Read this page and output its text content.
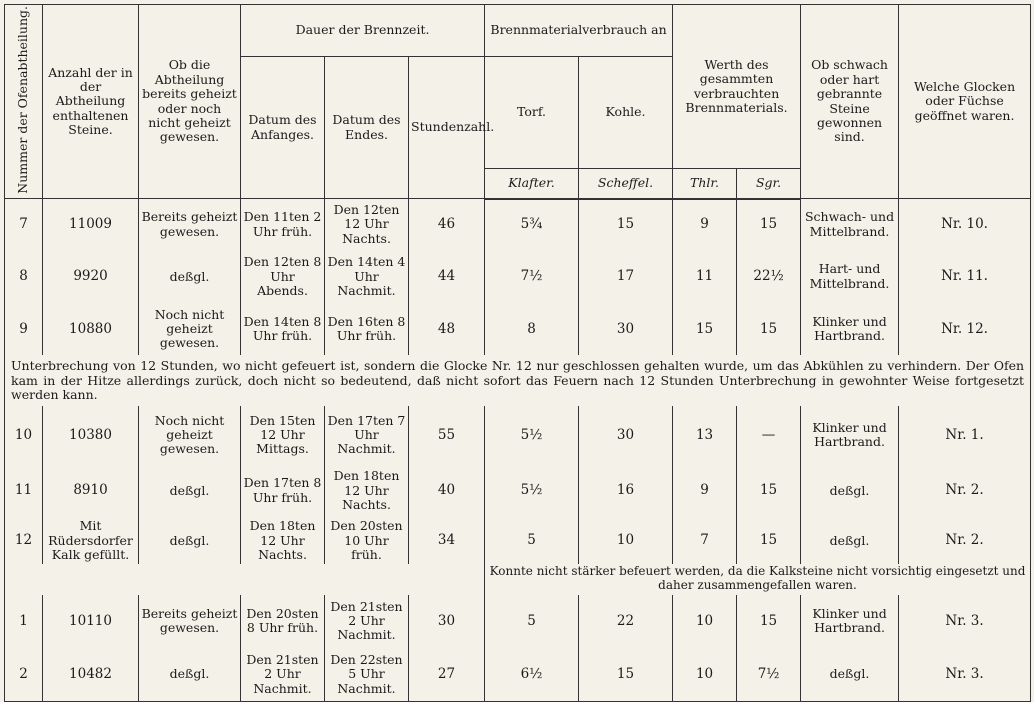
Nummer der Ofenabtheilung.	Anzahl der in der Abtheilung enthaltenen Steine.	Ob die Abtheilung bereits geheizt oder noch nicht geheizt gewesen.	Dauer der Brennzeit.			Brennmaterialverbrauch an		Werth des gesammten verbrauchten Brennmaterials.		Ob schwach oder hart gebrannte Steine gewonnen sind.	Welche Glocken oder Füchse geöffnet waren.
			Datum des Anfanges.	Datum des Endes.	Stundenzahl.	Torf.	Kohle.				
						Klafter.	Scheffel.	Thlr.	Sgr.		
7	11009	Bereits geheizt gewesen.	Den 11ten 2 Uhr früh.	Den 12ten 12 Uhr Nachts.	46	5¾	15	9	15	Schwach- und Mittelbrand.	Nr. 10.
8	9920	deßgl.	Den 12ten 8 Uhr Abends.	Den 14ten 4 Uhr Nachmit.	44	7½	17	11	22½	Hart- und Mittelbrand.	Nr. 11.
9	10880	Noch nicht geheizt gewesen.	Den 14ten 8 Uhr früh.	Den 16ten 8 Uhr früh.	48	8	30	15	15	Klinker und Hartbrand.	Nr. 12.
Unterbrechung von 12 Stunden, wo nicht gefeuert ist, sondern die Glocke Nr. 12 nur geschlossen gehalten wurde, um das Abkühlen zu verhindern. Der Ofen kam in der Hitze allerdings zurück, doch nicht so bedeutend, daß nicht sofort das Feuern nach 12 Stunden Unterbrechung in gewohnter Weise fortgesetzt werden kann.											
10	10380	Noch nicht geheizt gewesen.	Den 15ten 12 Uhr Mittags.	Den 17ten 7 Uhr Nachmit.	55	5½	30	13	—	Klinker und Hartbrand.	Nr. 1.
11	8910	deßgl.	Den 17ten 8 Uhr früh.	Den 18ten 12 Uhr Nachts.	40	5½	16	9	15	deßgl.	Nr. 2.
12	Mit Rüdersdorfer Kalk gefüllt.	deßgl.	Den 18ten 12 Uhr Nachts.	Den 20sten 10 Uhr früh.	34	5	10	7	15	deßgl.	Nr. 2.
						Konnte nicht stärker befeuert werden, da die Kalksteine nicht vorsichtig eingesetzt und daher zusammengefallen waren.					
1	10110	Bereits geheizt gewesen.	Den 20sten 8 Uhr früh.	Den 21sten 2 Uhr Nachmit.	30	5	22	10	15	Klinker und Hartbrand.	Nr. 3.
2	10482	deßgl.	Den 21sten 2 Uhr Nachmit.	Den 22sten 5 Uhr Nachmit.	27	6½	15	10	7½	deßgl.	Nr. 3.
